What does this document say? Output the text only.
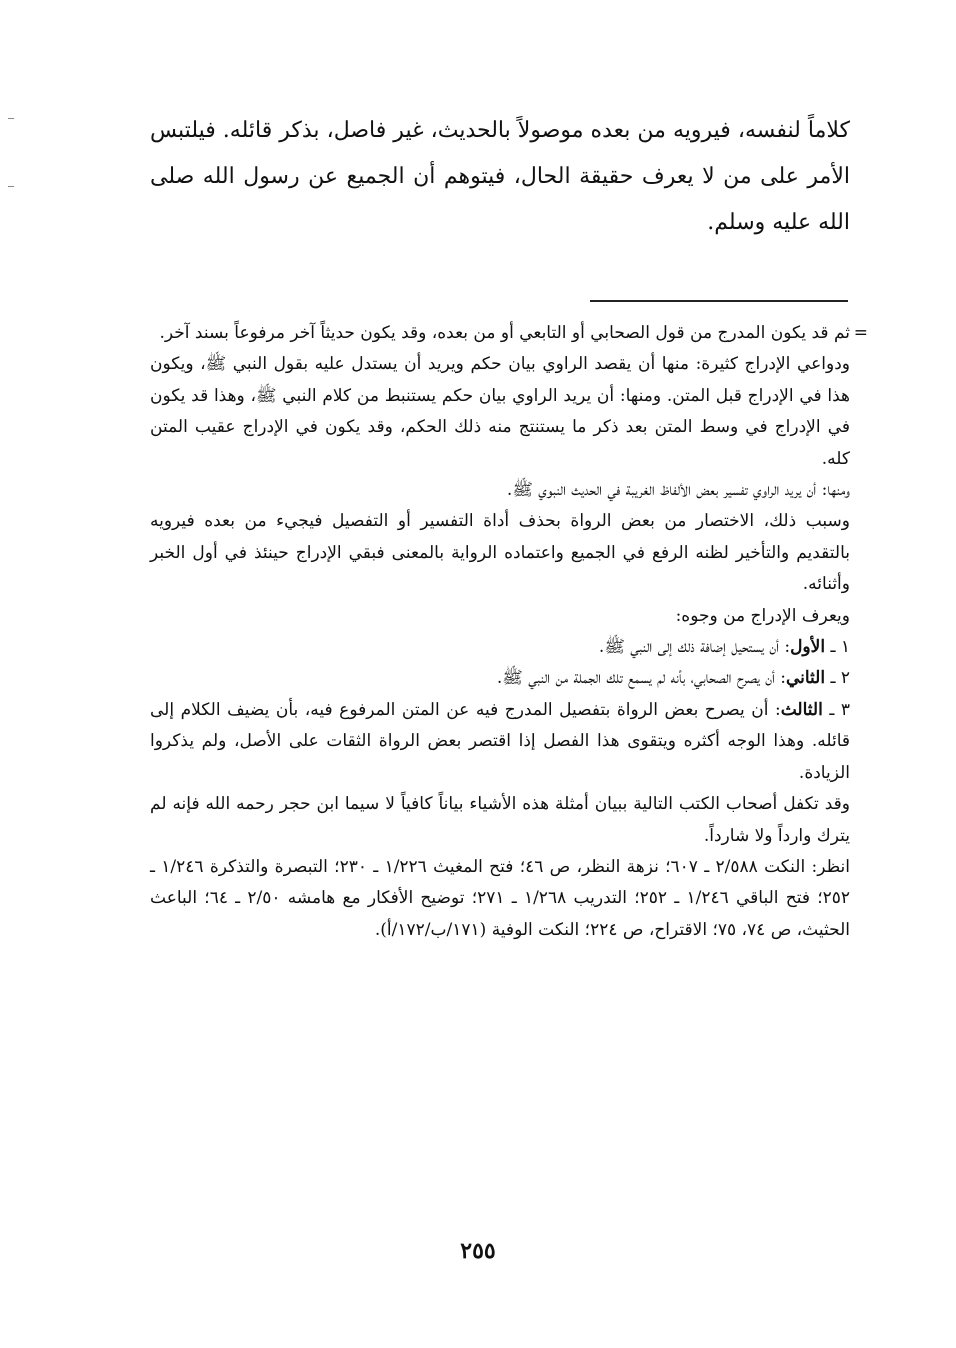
كلاماً لنفسه، فيرويه من بعده موصولاً بالحديث، غير فاصل، بذكر قائله. فيلتبس الأمر على من لا يعرف حقيقة الحال، فيتوهم أن الجميع عن رسول الله صلى الله عليه وسلم.

=

ثم قد يكون المدرج من قول الصحابي أو التابعي أو من بعده، وقد يكون حديثاً آخر مرفوعاً بسند آخر.

ودواعي الإدراج كثيرة: منها أن يقصد الراوي بيان حكم ويريد أن يستدل عليه بقول النبي ﷺ، ويكون هذا في الإدراج قبل المتن. ومنها: أن يريد الراوي بيان حكم يستنبط من كلام النبي ﷺ، وهذا قد يكون في الإدراج في وسط المتن بعد ذكر ما يستنتج منه ذلك الحكم، وقد يكون في الإدراج عقيب المتن كله.

ومنها: أن يريد الراوي تفسير بعض الألفاظ الغريبة في الحديث النبوي ﷺ.

وسبب ذلك، الاختصار من بعض الرواة بحذف أداة التفسير أو التفصيل فيجيء من بعده فيرويه بالتقديم والتأخير لظنه الرفع في الجميع واعتماده الرواية بالمعنى فبقي الإدراج حينئذ في أول الخبر وأثنائه.

ويعرف الإدراج من وجوه:

١ ـ الأول: أن يستحيل إضافة ذلك إلى النبي ﷺ.

٢ ـ الثاني: أن يصرح الصحابي، بأنه لم يسمع تلك الجملة من النبي ﷺ.

٣ ـ الثالث: أن يصرح بعض الرواة بتفصيل المدرج فيه عن المتن المرفوع فيه، بأن يضيف الكلام إلى قائله. وهذا الوجه أكثره ويتقوى هذا الفصل إذا اقتصر بعض الرواة الثقات على الأصل، ولم يذكروا الزيادة.

وقد تكفل أصحاب الكتب التالية ببيان أمثلة هذه الأشياء بياناً كافياً لا سيما ابن حجر رحمه الله فإنه لم يترك وارداً ولا شارداً.

انظر: النكت ٢/٥٨٨ ـ ٦٠٧؛ نزهة النظر، ص ٤٦؛ فتح المغيث ١/٢٢٦ ـ ٢٣٠؛ التبصرة والتذكرة ١/٢٤٦ ـ ٢٥٢؛ فتح الباقي ١/٢٤٦ ـ ٢٥٢؛ التدريب ١/٢٦٨ ـ ٢٧١؛ توضيح الأفكار مع هامشه ٢/٥٠ ـ ٦٤؛ الباعث الحثيث، ص ٧٤، ٧٥؛ الاقتراح، ص ٢٢٤؛ النكت الوفية (١٧١/ب/١٧٢/أ).

٢٥٥
